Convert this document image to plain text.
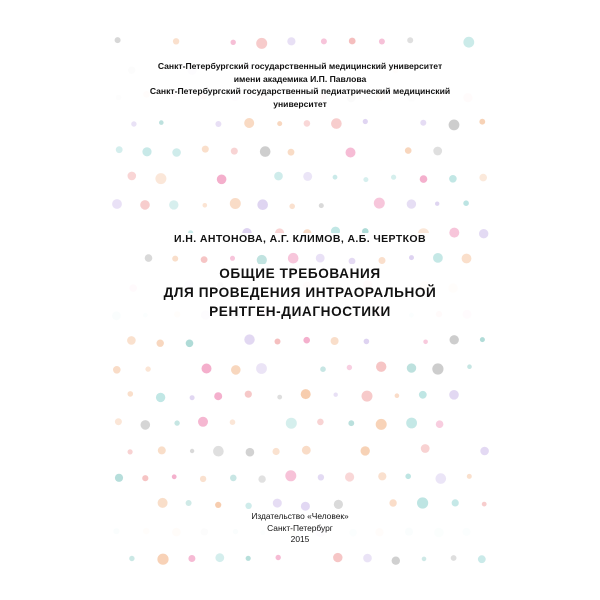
Санкт-Петербургский государственный медицинский университет
имени академика И.П. Павлова
Санкт-Петербургский государственный педиатрический медицинский
университет
И.Н. АНТОНОВА, А.Г. КЛИМОВ, А.Б. ЧЕРТКОВ
ОБЩИЕ ТРЕБОВАНИЯ
ДЛЯ ПРОВЕДЕНИЯ ИНТРАОРАЛЬНОЙ
РЕНТГЕН-ДИАГНОСТИКИ
Издательство «Человек»
Санкт-Петербург
2015
